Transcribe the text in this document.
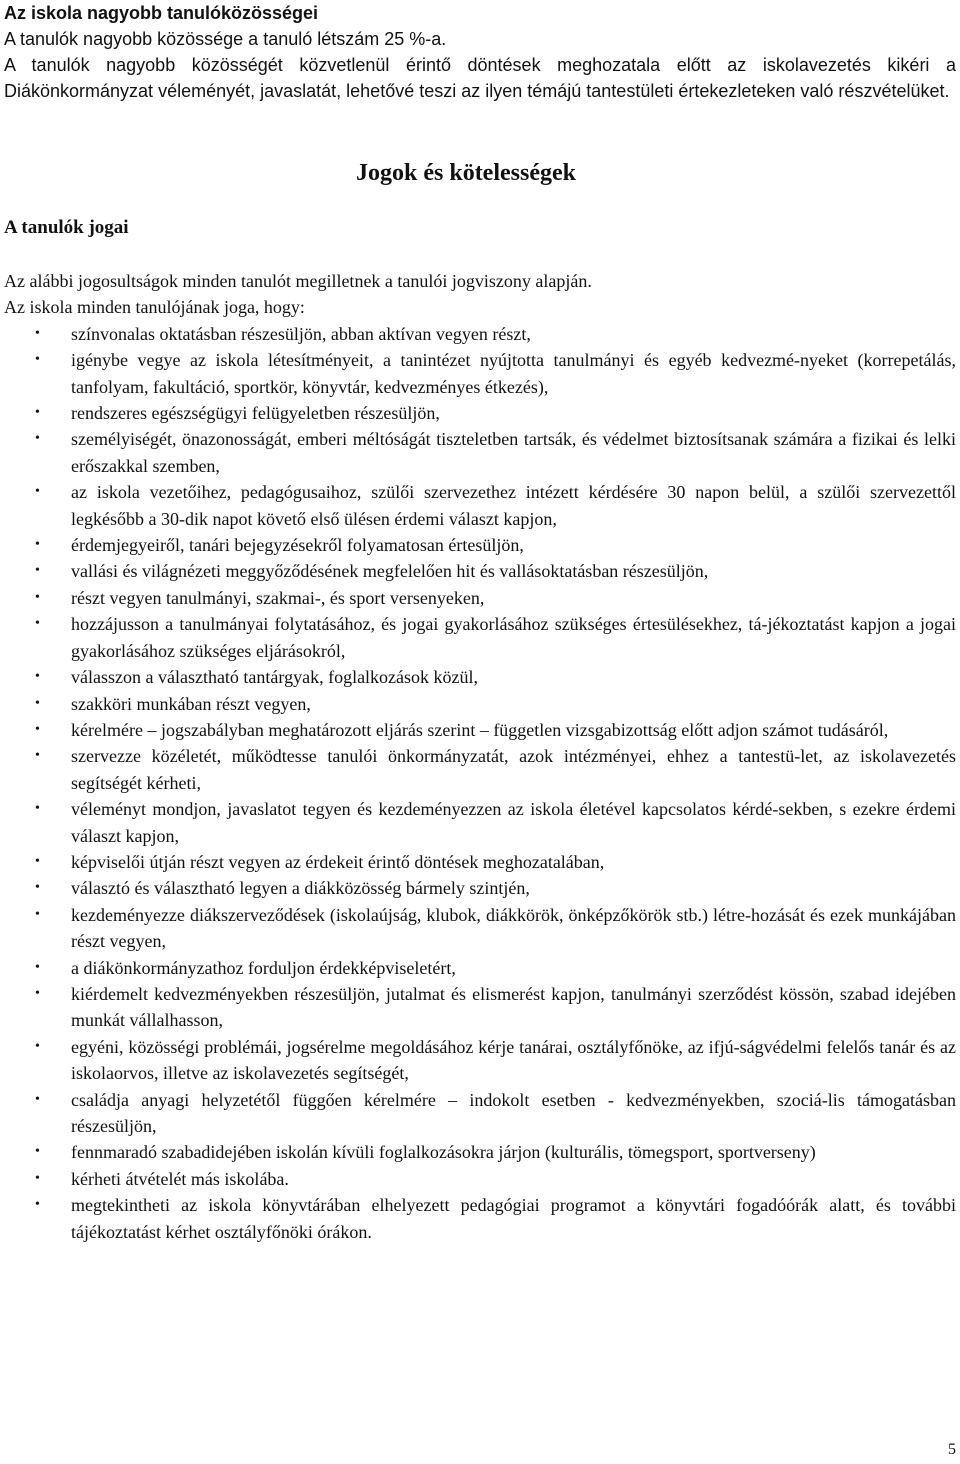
Az iskola nagyobb tanulóközösségei

A tanulók nagyobb közössége a tanuló létszám 25 %-a.

A tanulók nagyobb közösségét közvetlenül érintő döntések meghozatala előtt az iskolavezetés kikéri a Diákönkormányzat véleményét, javaslatát, lehetővé teszi az ilyen témájú tantestületi értekezleteken való részvételüket.

Jogok és kötelességek
A tanulók jogai

Az alábbi jogosultságok minden tanulót megilletnek a tanulói jogviszony alapján.

Az iskola minden tanulójának joga, hogy:

• színvonalas oktatásban részesüljön, abban aktívan vegyen részt,
• igénybe vegye az iskola létesítményeit, a tanintézet nyújtotta tanulmányi és egyéb kedvezmé-nyeket (korrepetálás, tanfolyam, fakultáció, sportkör, könyvtár, kedvezményes étkezés),
• rendszeres egészségügyi felügyeletben részesüljön,
• személyiségét, önazonosságát, emberi méltóságát tiszteletben tartsák, és védelmet biztosítsanak számára a fizikai és lelki erőszakkal szemben,
• az iskola vezetőihez, pedagógusaihoz, szülői szervezethez intézett kérdésére 30 napon belül, a szülői szervezettől legkésőbb a 30-dik napot követő első ülésen érdemi választ kapjon,
• érdemjegyeiről, tanári bejegyzésekről folyamatosan értesüljön,
• vallási és világnézeti meggyőződésének megfelelően hit és vallásoktatásban részesüljön,
• részt vegyen tanulmányi, szakmai-, és sport versenyeken,
• hozzájusson a tanulmányai folytatásához, és jogai gyakorlásához szükséges értesülésekhez, tá-jékoztatást kapjon a jogai gyakorlásához szükséges eljárásokról,
• válasszon a választható tantárgyak, foglalkozások közül,
• szakköri munkában részt vegyen,
• kérelmére – jogszabályban meghatározott eljárás szerint – független vizsgabizottság előtt adjon számot tudásáról,
• szervezze közéletét, működtesse tanulói önkormányzatát, azok intézményei, ehhez a tantestü-let, az iskolavezetés segítségét kérheti,
• véleményt mondjon, javaslatot tegyen és kezdeményezzen az iskola életével kapcsolatos kérdé-sekben, s ezekre érdemi választ kapjon,
• képviselői útján részt vegyen az érdekeit érintő döntések meghozatalában,
• választó és választható legyen a diákközösség bármely szintjén,
• kezdeményezze diákszerveződések (iskolaújság, klubok, diákkörök, önképzőkörök stb.) létre-hozását és ezek munkájában részt vegyen,
• a diákönkormányzathoz forduljon érdekképviseletért,
• kiérdemelt kedvezményekben részesüljön, jutalmat és elismerést kapjon, tanulmányi szerződést kössön, szabad idejében munkát vállalhasson,
• egyéni, közösségi problémái, jogsérelme megoldásához kérje tanárai, osztályfőnöke, az ifjú-ságvédelmi felelős tanár és az iskolaorvos, illetve az iskolavezetés segítségét,
• családja anyagi helyzetétől függően kérelmére – indokolt esetben - kedvezményekben, szociá-lis támogatásban részesüljön,
• fennmaradó szabadidejében iskolán kívüli foglalkozásokra járjon (kulturális, tömegsport, sportverseny)
• kérheti átvételét más iskolába.
• megtekintheti az iskola könyvtárában elhelyezett pedagógiai programot a könyvtári fogadóórák alatt, és további tájékoztatást kérhet osztályfőnöki órákon.
5
